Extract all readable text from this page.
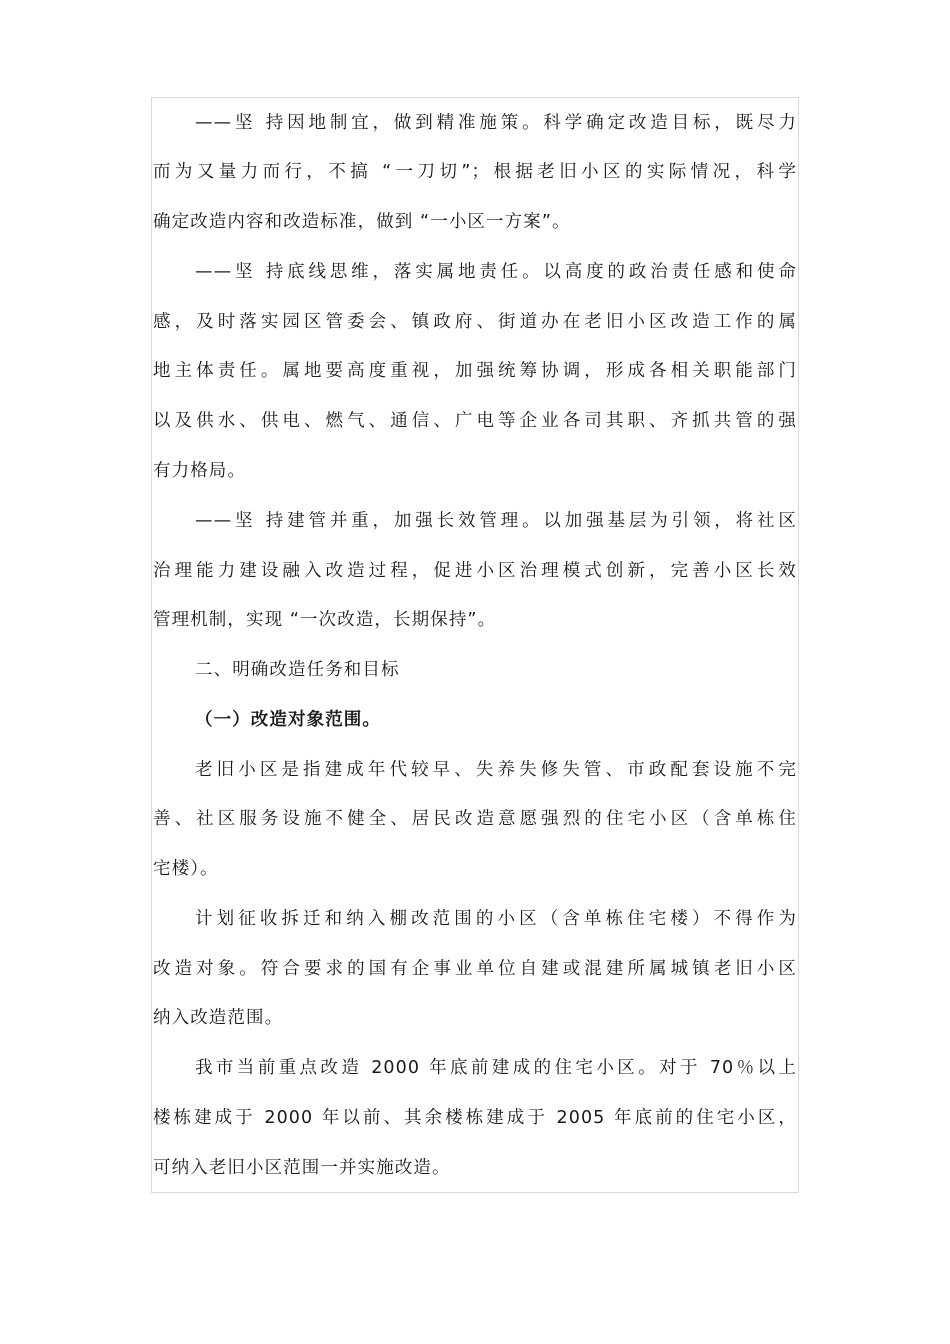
——坚 持因地制宜，做到精准施策。科学确定改造目标，既尽力
而为又量力而行，不搞 “一刀切”；根据老旧小区的实际情况，科学
确定改造内容和改造标准，做到 “一小区一方案”。
——坚 持底线思维，落实属地责任。以高度的政治责任感和使命
感，及时落实园区管委会、镇政府、街道办在老旧小区改造工作的属
地主体责任。属地要高度重视，加强统筹协调，形成各相关职能部门
以及供水、供电、燃气、通信、广电等企业各司其职、齐抓共管的强
有力格局。
——坚 持建管并重，加强长效管理。以加强基层为引领，将社区
治理能力建设融入改造过程，促进小区治理模式创新，完善小区长效
管理机制，实现 “一次改造，长期保持”。
二、明确改造任务和目标
（一）改造对象范围。
老旧小区是指建成年代较早、失养失修失管、市政配套设施不完
善、社区服务设施不健全、居民改造意愿强烈的住宅小区（含单栋住
宅楼）。
计划征收拆迁和纳入棚改范围的小区（含单栋住宅楼）不得作为
改造对象。符合要求的国有企事业单位自建或混建所属城镇老旧小区
纳入改造范围。
我市当前重点改造 2000 年底前建成的住宅小区。对于 70％以上
楼栋建成于 2000 年以前、其余楼栋建成于 2005 年底前的住宅小区，
可纳入老旧小区范围一并实施改造。
